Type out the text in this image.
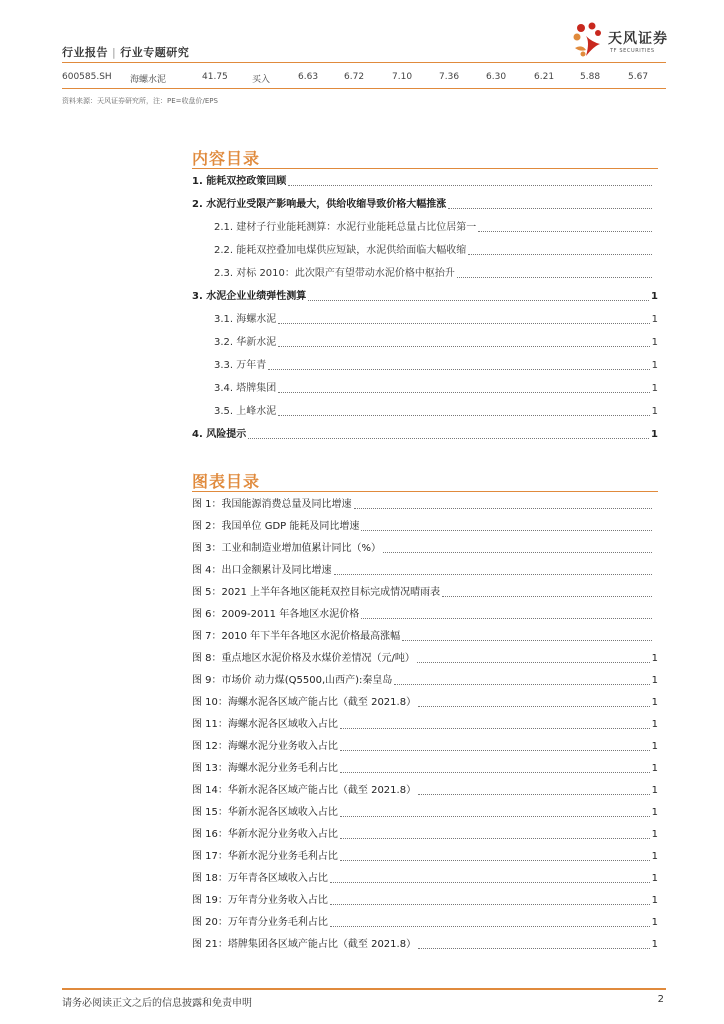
行业报告 | 行业专题研究
天风证券
TF SECURITIES
600585.SH 海螺水泥	41.75	买入	6.63	6.72	7.10	7.36	6.30	6.21	5.88	5.67
资料来源：天风证券研究所，注：PE=收盘价/EPS
内容目录
1. 能耗双控政策回顾
2. 水泥行业受限产影响最大，供给收缩导致价格大幅推涨
2.1. 建材子行业能耗测算：水泥行业能耗总量占比位居第一
2.2. 能耗双控叠加电煤供应短缺，水泥供给面临大幅收缩
2.3. 对标 2010：此次限产有望带动水泥价格中枢抬升
3. 水泥企业业绩弹性测算	1
3.1. 海螺水泥	1
3.2. 华新水泥	1
3.3. 万年青	1
3.4. 塔牌集团	1
3.5. 上峰水泥	1
4. 风险提示	1
图表目录
图 1：我国能源消费总量及同比增速
图 2：我国单位 GDP 能耗及同比增速
图 3：工业和制造业增加值累计同比（%）
图 4：出口金额累计及同比增速
图 5：2021 上半年各地区能耗双控目标完成情况晴雨表
图 6：2009-2011 年各地区水泥价格
图 7：2010 年下半年各地区水泥价格最高涨幅
图 8：重点地区水泥价格及水煤价差情况（元/吨）	1
图 9：市场价 动力煤(Q5500,山西产):秦皇岛	1
图 10：海螺水泥各区域产能占比（截至 2021.8）	1
图 11：海螺水泥各区域收入占比	1
图 12：海螺水泥分业务收入占比	1
图 13：海螺水泥分业务毛利占比	1
图 14：华新水泥各区域产能占比（截至 2021.8）	1
图 15：华新水泥各区域收入占比	1
图 16：华新水泥分业务收入占比	1
图 17：华新水泥分业务毛利占比	1
图 18：万年青各区域收入占比	1
图 19：万年青分业务收入占比	1
图 20：万年青分业务毛利占比	1
图 21：塔牌集团各区域产能占比（截至 2021.8）	1
请务必阅读正文之后的信息披露和免责申明	2
